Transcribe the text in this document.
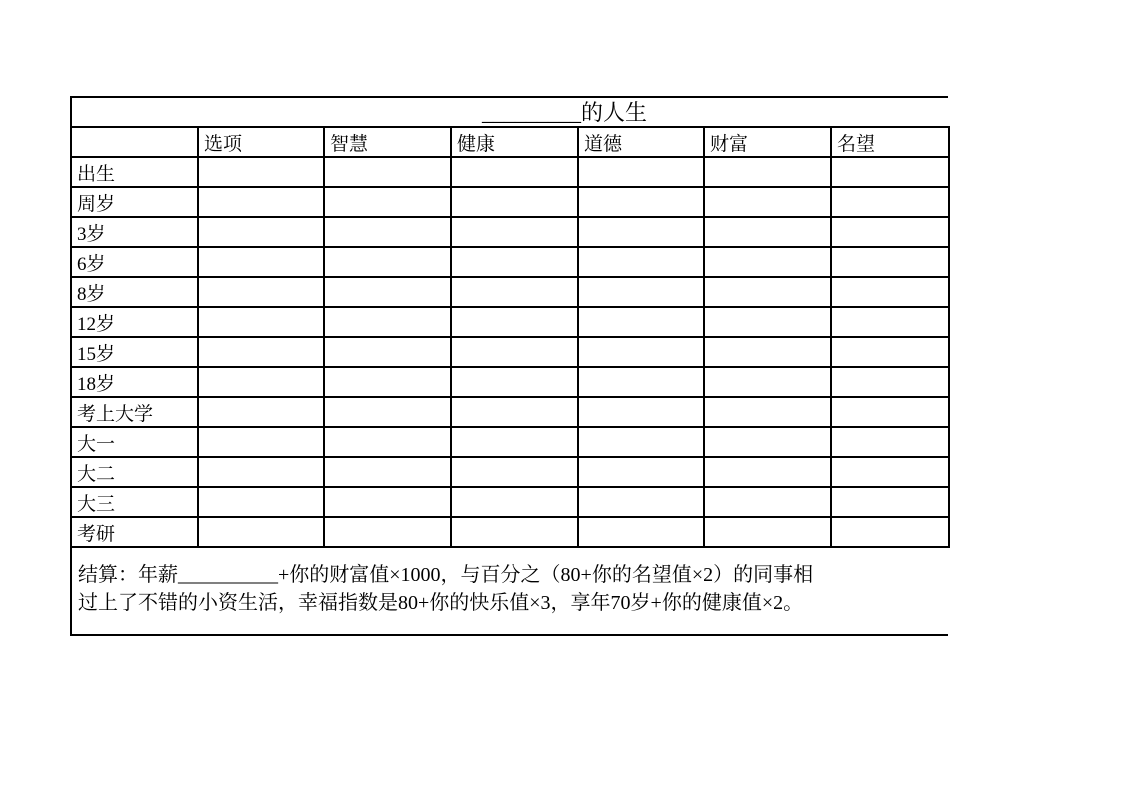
_________的人生
	选项	智慧	健康	道德	财富	名望
出生						
周岁						
3岁						
6岁						
8岁						
12岁						
15岁						
18岁						
考上大学						
大一						
大二						
大三						
考研						
结算：年薪__________+你的财富值×1000，与百分之（80+你的名望值×2）的同事相
过上了不错的小资生活，幸福指数是80+你的快乐值×3，享年70岁+你的健康值×2。
